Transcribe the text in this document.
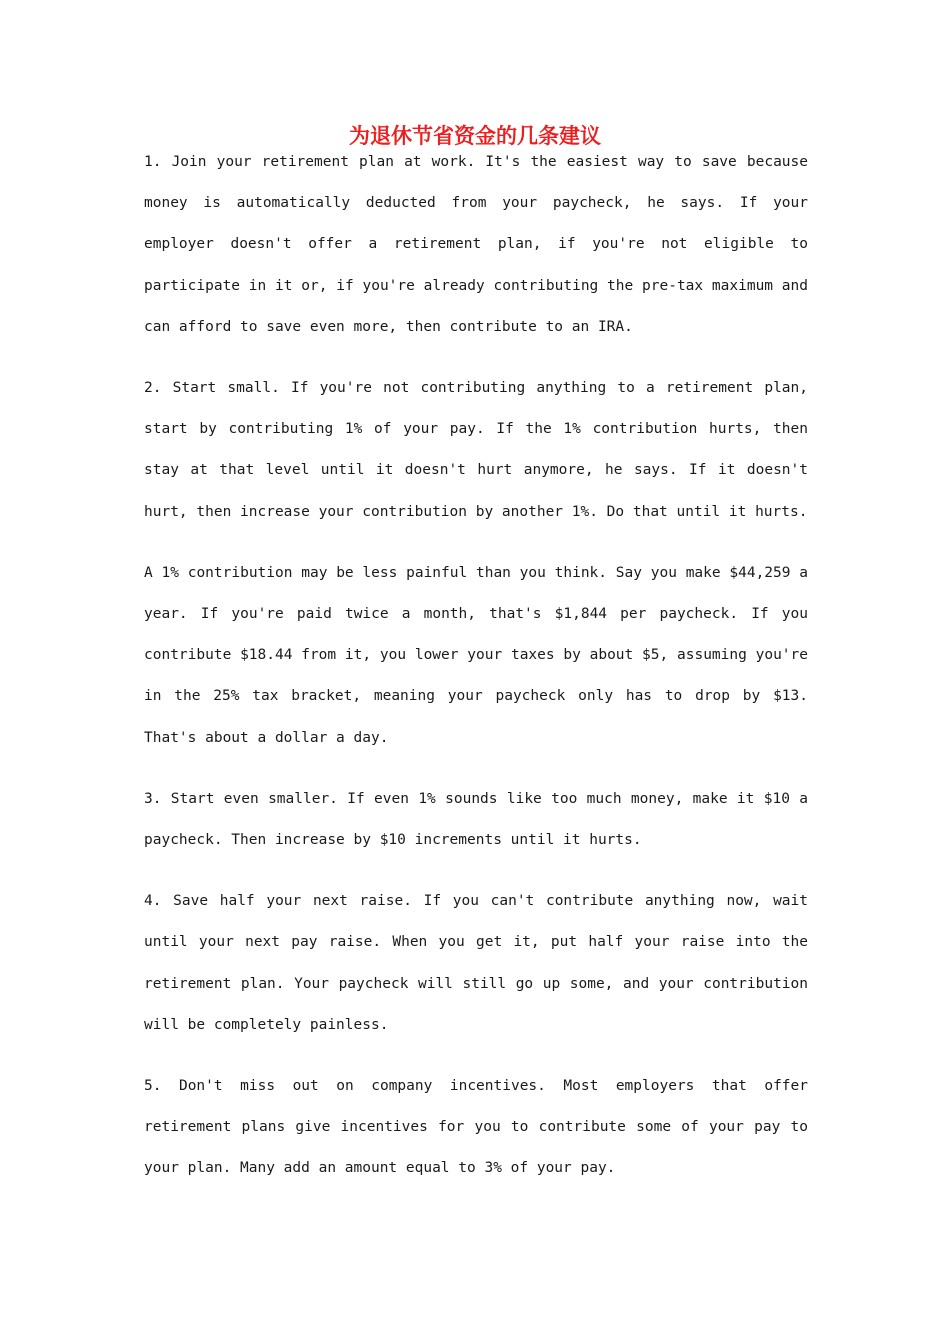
为退休节省资金的几条建议

1. Join your retirement plan at work. It's the easiest way to save because money is automatically deducted from your paycheck, he says. If your employer doesn't offer a retirement plan, if you're not eligible to participate in it or, if you're already contributing the pre-tax maximum and can afford to save even more, then contribute to an IRA.

2. Start small. If you're not contributing anything to a retirement plan, start by contributing 1% of your pay. If the 1% contribution hurts, then stay at that level until it doesn't hurt anymore, he says. If it doesn't hurt, then increase your contribution by another 1%. Do that until it hurts.

A 1% contribution may be less painful than you think. Say you make $44,259 a year. If you're paid twice a month, that's $1,844 per paycheck. If you contribute $18.44 from it, you lower your taxes by about $5, assuming you're in the 25% tax bracket, meaning your paycheck only has to drop by $13. That's about a dollar a day.

3. Start even smaller. If even 1% sounds like too much money, make it $10 a paycheck. Then increase by $10 increments until it hurts.

4. Save half your next raise. If you can't contribute anything now, wait until your next pay raise. When you get it, put half your raise into the retirement plan. Your paycheck will still go up some, and your contribution will be completely painless.

5. Don't miss out on company incentives. Most employers that offer retirement plans give incentives for you to contribute some of your pay to your plan. Many add an amount equal to 3% of your pay.
